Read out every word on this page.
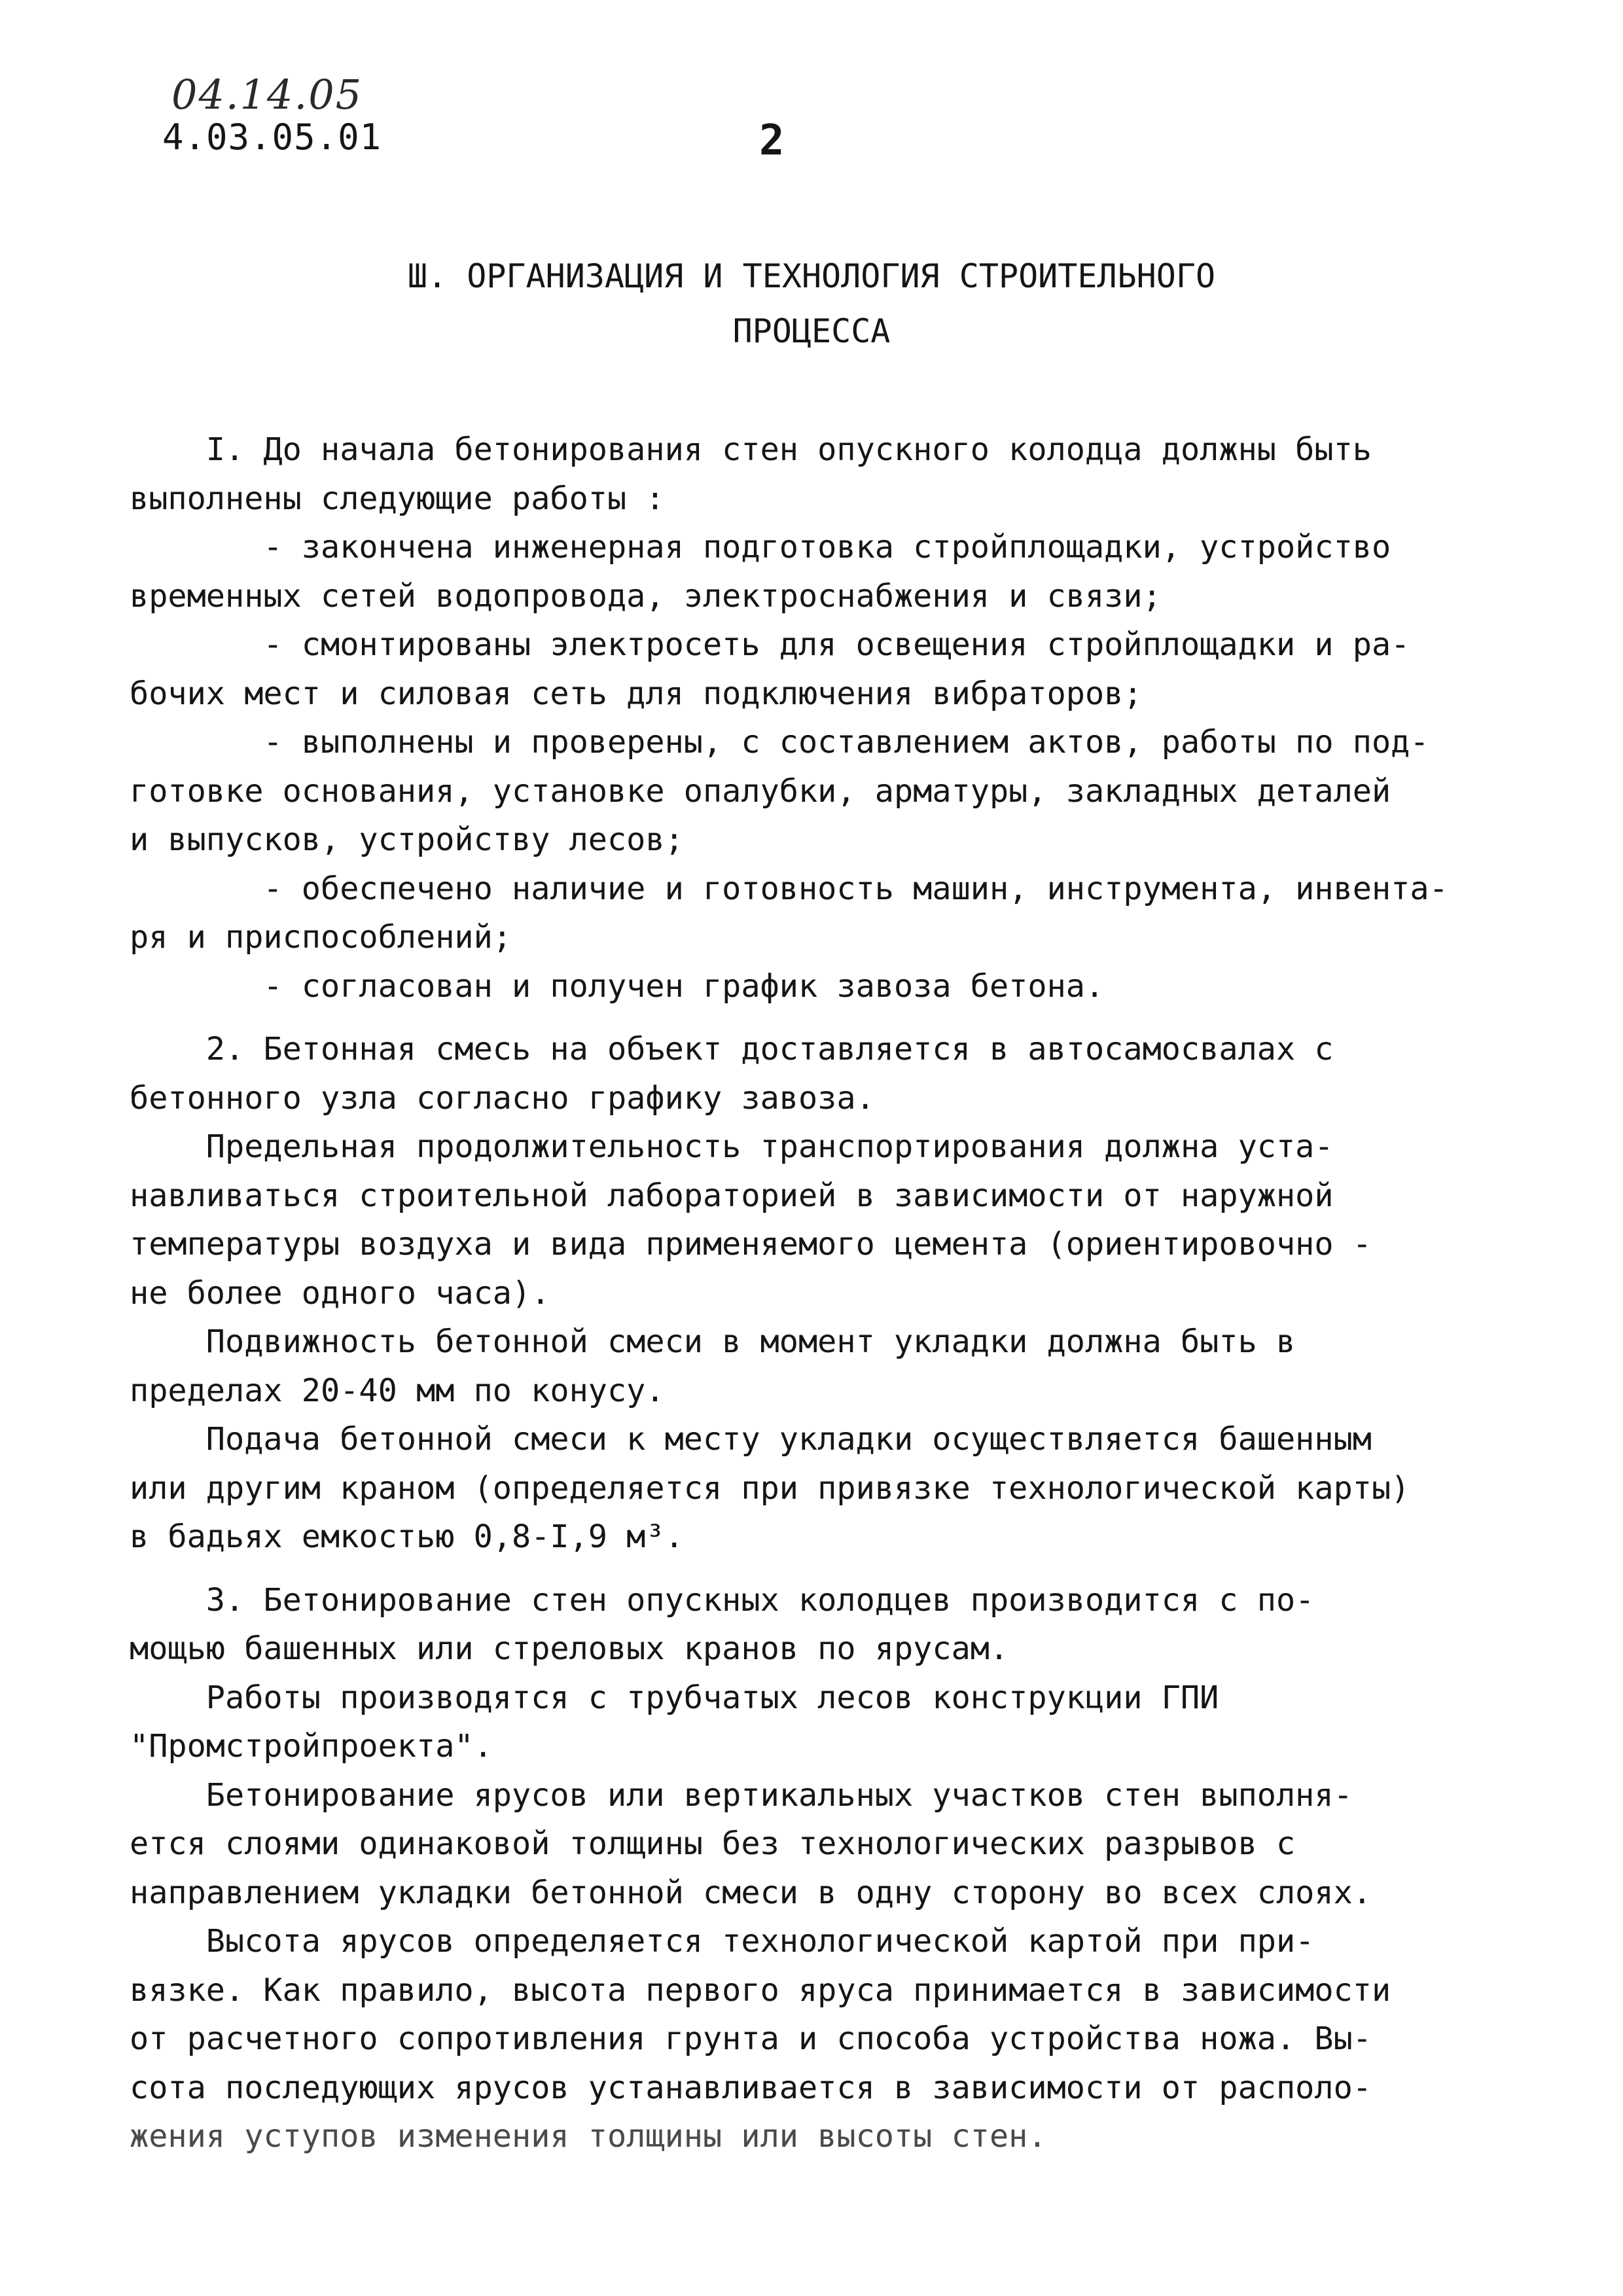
04.14.05
4.03.05.01	2
Ш. ОРГАНИЗАЦИЯ И ТЕХНОЛОГИЯ СТРОИТЕЛЬНОГО
ПРОЦЕССА
I. До начала бетонирования стен опускного колодца должны быть
выполнены следующие работы :
- закончена инженерная подготовка стройплощадки, устройство
временных сетей водопровода, электроснабжения и связи;
- смонтированы электросеть для освещения стройплощадки и ра-
бочих мест и силовая сеть для подключения вибраторов;
- выполнены и проверены, с составлением актов, работы по под-
готовке основания, установке опалубки, арматуры, закладных деталей
и выпусков, устройству лесов;
- обеспечено наличие и готовность машин, инструмента, инвента-
ря и приспособлений;
- согласован и получен график завоза бетона.
2. Бетонная смесь на объект доставляется в автосамосвалах с
бетонного узла согласно графику завоза.
Предельная продолжительность транспортирования должна уста-
навливаться строительной лабораторией в зависимости от наружной
температуры воздуха и вида применяемого цемента (ориентировочно -
не более одного часа).
Подвижность бетонной смеси в момент укладки должна быть в
пределах 20-40 мм по конусу.
Подача бетонной смеси к месту укладки осуществляется башенным
или другим краном (определяется при привязке технологической карты)
в бадьях емкостью 0,8-I,9 м³.
3. Бетонирование стен опускных колодцев производится с по-
мощью башенных или стреловых кранов по ярусам.
Работы производятся с трубчатых лесов конструкции ГПИ
"Промстройпроекта".
Бетонирование ярусов или вертикальных участков стен выполня-
ется слоями одинаковой толщины без технологических разрывов с
направлением укладки бетонной смеси в одну сторону во всех слоях.
Высота ярусов определяется технологической картой при при-
вязке. Как правило, высота первого яруса принимается в зависимости
от расчетного сопротивления грунта и способа устройства ножа. Вы-
сота последующих ярусов устанавливается в зависимости от располо-
жения уступов изменения толщины или высоты стен.
